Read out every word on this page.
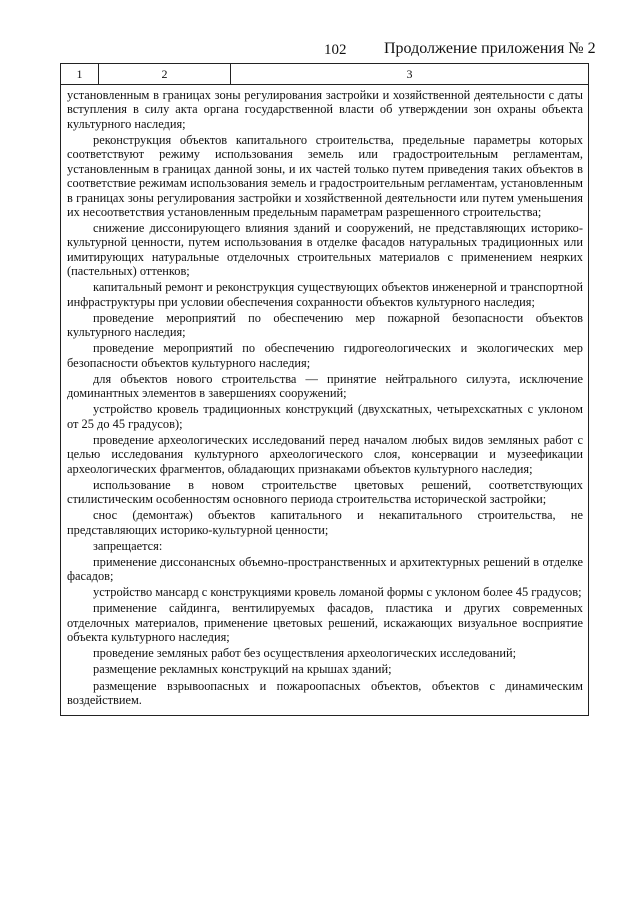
102 Продолжение приложения № 2
1	2	3

установленным в границах зоны регулирования застройки и хозяйственной деятельности с даты вступления в силу акта органа государственной власти об утверждении зон охраны объекта культурного наследия;

реконструкция объектов капитального строительства, предельные параметры которых соответствуют режиму использования земель или градостроительным регламентам, установленным в границах данной зоны, и их частей только путем приведения таких объектов в соответствие режимам использования земель и градостроительным регламентам, установленным в границах зоны регулирования застройки и хозяйственной деятельности или путем уменьшения их несоответствия установленным предельным параметрам разрешенного строительства;

снижение диссонирующего влияния зданий и сооружений, не представляющих историко-культурной ценности, путем использования в отделке фасадов натуральных традиционных или имитирующих натуральные отделочных строительных материалов с применением неярких (пастельных) оттенков;

капитальный ремонт и реконструкция существующих объектов инженерной и транспортной инфраструктуры при условии обеспечения сохранности объектов культурного наследия;

проведение мероприятий по обеспечению мер пожарной безопасности объектов культурного наследия;

проведение мероприятий по обеспечению гидрогеологических и экологических мер безопасности объектов культурного наследия;

для объектов нового строительства — принятие нейтрального силуэта, исключение доминантных элементов в завершениях сооружений;

устройство кровель традиционных конструкций (двухскатных, четырехскатных с уклоном от 25 до 45 градусов);

проведение археологических исследований перед началом любых видов земляных работ с целью исследования культурного археологического слоя, консервации и музеефикации археологических фрагментов, обладающих признаками объектов культурного наследия;

использование в новом строительстве цветовых решений, соответствующих стилистическим особенностям основного периода строительства исторической застройки;

снос (демонтаж) объектов капитального и некапитального строительства, не представляющих историко-культурной ценности;

запрещается:

применение диссонансных объемно-пространственных и архитектурных решений в отделке фасадов;

устройство мансард с конструкциями кровель ломаной формы с уклоном более 45 градусов;

применение сайдинга, вентилируемых фасадов, пластика и других современных отделочных материалов, применение цветовых решений, искажающих визуальное восприятие объекта культурного наследия;

проведение земляных работ без осуществления археологических исследований;

размещение рекламных конструкций на крышах зданий;

размещение взрывоопасных и пожароопасных объектов, объектов с динамическим воздействием.
